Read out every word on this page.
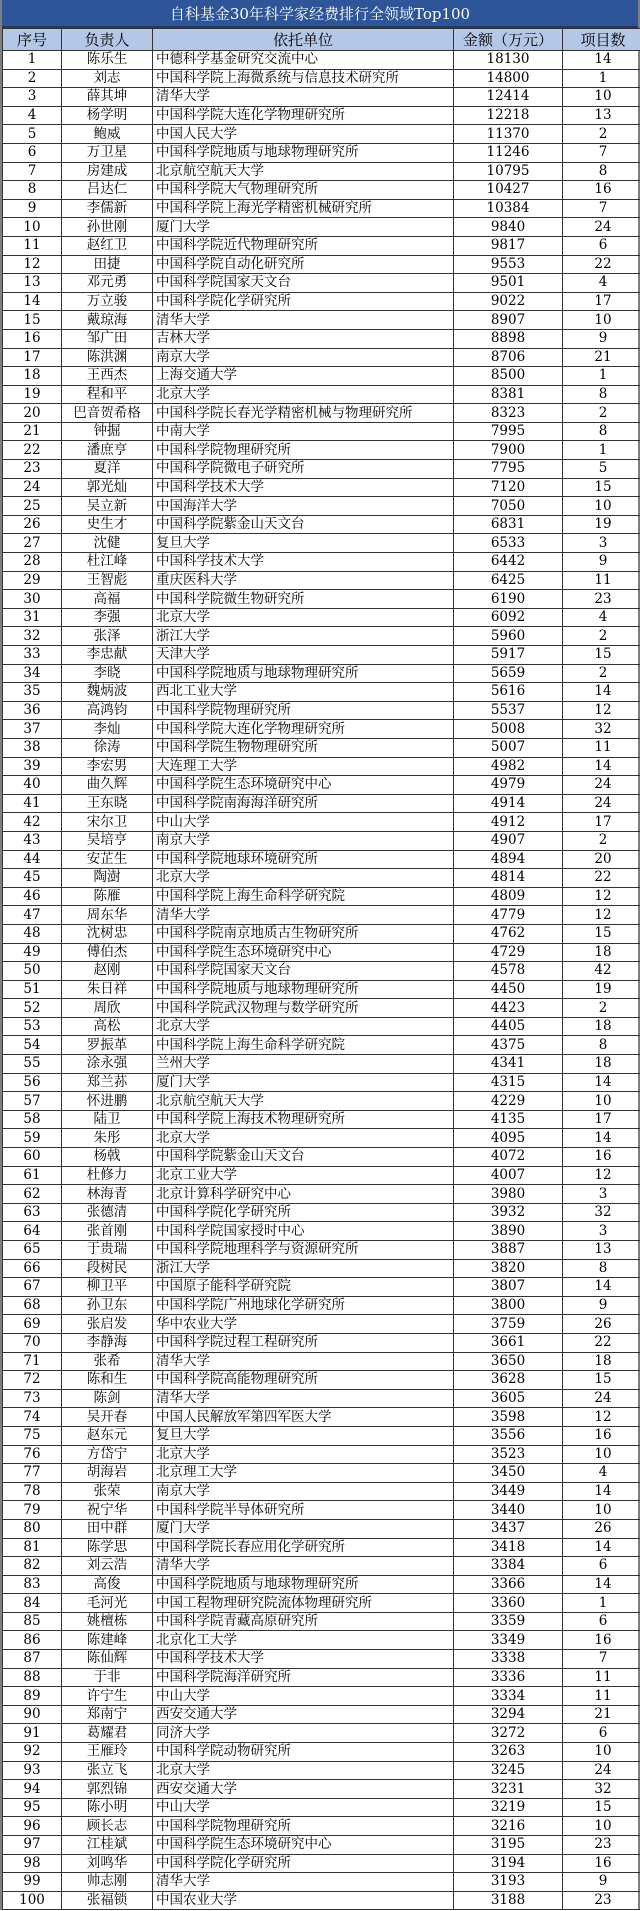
自科基金30年科学家经费排行全领域Top100
序号	负责人	依托单位	金额（万元）	项目数
1	陈乐生	中德科学基金研究交流中心	18130	14
2	刘志	中国科学院上海微系统与信息技术研究所	14800	1
3	薛其坤	清华大学	12414	10
4	杨学明	中国科学院大连化学物理研究所	12218	13
5	鲍威	中国人民大学	11370	2
6	万卫星	中国科学院地质与地球物理研究所	11246	7
7	房建成	北京航空航天大学	10795	8
8	吕达仁	中国科学院大气物理研究所	10427	16
9	李儒新	中国科学院上海光学精密机械研究所	10384	7
10	孙世刚	厦门大学	9840	24
11	赵红卫	中国科学院近代物理研究所	9817	6
12	田捷	中国科学院自动化研究所	9553	22
13	邓元勇	中国科学院国家天文台	9501	4
14	万立骏	中国科学院化学研究所	9022	17
15	戴琼海	清华大学	8907	10
16	邹广田	吉林大学	8898	9
17	陈洪渊	南京大学	8706	21
18	王西杰	上海交通大学	8500	1
19	程和平	北京大学	8381	8
20	巴音贺希格	中国科学院长春光学精密机械与物理研究所	8323	2
21	钟掘	中南大学	7995	8
22	潘庶亨	中国科学院物理研究所	7900	1
23	夏洋	中国科学院微电子研究所	7795	5
24	郭光灿	中国科学技术大学	7120	15
25	吴立新	中国海洋大学	7050	10
26	史生才	中国科学院紫金山天文台	6831	19
27	沈健	复旦大学	6533	3
28	杜江峰	中国科学技术大学	6442	9
29	王智彪	重庆医科大学	6425	11
30	高福	中国科学院微生物研究所	6190	23
31	李强	北京大学	6092	4
32	张泽	浙江大学	5960	2
33	李忠献	天津大学	5917	15
34	李晓	中国科学院地质与地球物理研究所	5659	2
35	魏炳波	西北工业大学	5616	14
36	高鸿钧	中国科学院物理研究所	5537	12
37	李灿	中国科学院大连化学物理研究所	5008	32
38	徐涛	中国科学院生物物理研究所	5007	11
39	李宏男	大连理工大学	4982	14
40	曲久辉	中国科学院生态环境研究中心	4979	24
41	王东晓	中国科学院南海海洋研究所	4914	24
42	宋尔卫	中山大学	4912	17
43	吴培亨	南京大学	4907	2
44	安芷生	中国科学院地球环境研究所	4894	20
45	陶澍	北京大学	4814	22
46	陈雁	中国科学院上海生命科学研究院	4809	12
47	周东华	清华大学	4779	12
48	沈树忠	中国科学院南京地质古生物研究所	4762	15
49	傅伯杰	中国科学院生态环境研究中心	4729	18
50	赵刚	中国科学院国家天文台	4578	42
51	朱日祥	中国科学院地质与地球物理研究所	4450	19
52	周欣	中国科学院武汉物理与数学研究所	4423	2
53	高松	北京大学	4405	18
54	罗振革	中国科学院上海生命科学研究院	4375	8
55	涂永强	兰州大学	4341	18
56	郑兰荪	厦门大学	4315	14
57	怀进鹏	北京航空航天大学	4229	10
58	陆卫	中国科学院上海技术物理研究所	4135	17
59	朱彤	北京大学	4095	14
60	杨戟	中国科学院紫金山天文台	4072	16
61	杜修力	北京工业大学	4007	12
62	林海青	北京计算科学研究中心	3980	3
63	张德清	中国科学院化学研究所	3932	32
64	张首刚	中国科学院国家授时中心	3890	3
65	于贵瑞	中国科学院地理科学与资源研究所	3887	13
66	段树民	浙江大学	3820	8
67	柳卫平	中国原子能科学研究院	3807	14
68	孙卫东	中国科学院广州地球化学研究所	3800	9
69	张启发	华中农业大学	3759	26
70	李静海	中国科学院过程工程研究所	3661	22
71	张希	清华大学	3650	18
72	陈和生	中国科学院高能物理研究所	3628	15
73	陈剑	清华大学	3605	24
74	吴开春	中国人民解放军第四军医大学	3598	12
75	赵东元	复旦大学	3556	16
76	方岱宁	北京大学	3523	10
77	胡海岩	北京理工大学	3450	4
78	张荣	南京大学	3449	14
79	祝宁华	中国科学院半导体研究所	3440	10
80	田中群	厦门大学	3437	26
81	陈学思	中国科学院长春应用化学研究所	3418	14
82	刘云浩	清华大学	3384	6
83	高俊	中国科学院地质与地球物理研究所	3366	14
84	毛河光	中国工程物理研究院流体物理研究所	3360	1
85	姚檀栋	中国科学院青藏高原研究所	3359	6
86	陈建峰	北京化工大学	3349	16
87	陈仙辉	中国科学技术大学	3338	7
88	于非	中国科学院海洋研究所	3336	11
89	许宁生	中山大学	3334	11
90	郑南宁	西安交通大学	3294	21
91	葛耀君	同济大学	3272	6
92	王雁玲	中国科学院动物研究所	3263	10
93	张立飞	北京大学	3245	24
94	郭烈锦	西安交通大学	3231	32
95	陈小明	中山大学	3219	15
96	顾长志	中国科学院物理研究所	3216	10
97	江桂斌	中国科学院生态环境研究中心	3195	23
98	刘鸣华	中国科学院化学研究所	3194	16
99	帅志刚	清华大学	3193	9
100	张福锁	中国农业大学	3188	23
